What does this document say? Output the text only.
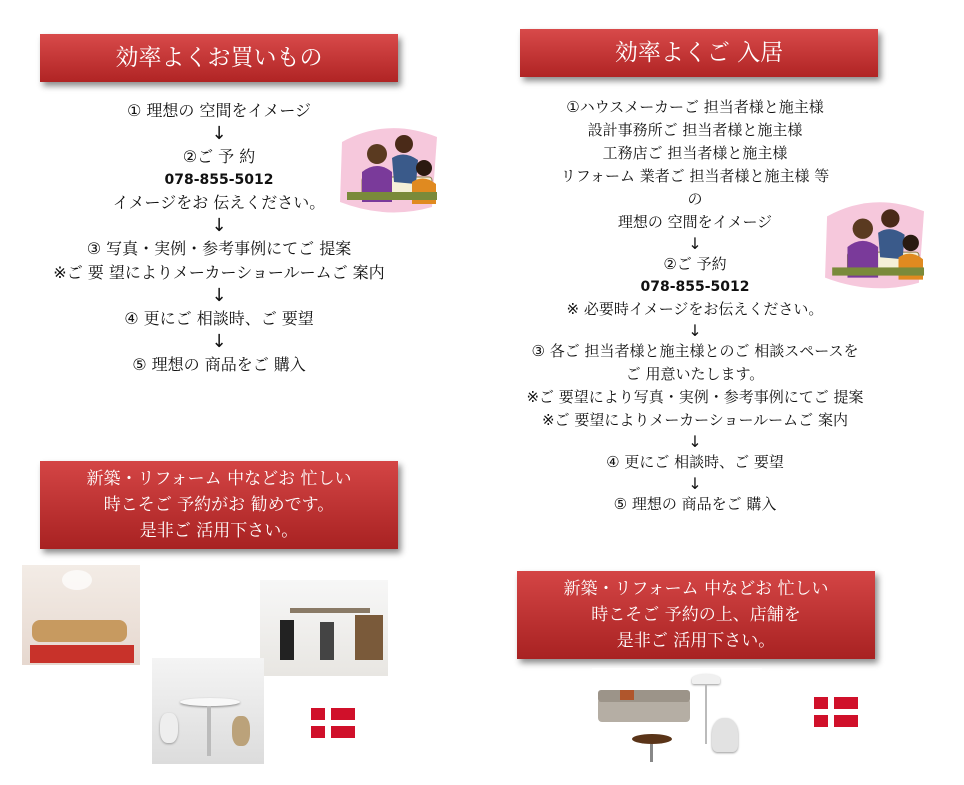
効率よくお買いもの
① 理想の 空間をイメージ
↓
②ご 予 約
078-855-5012
イメージをお 伝えください。
↓
③ 写真・実例・参考事例にてご 提案
※ご 要 望によりメーカーショールームご 案内
↓
④ 更にご 相談時、ご 要望
↓
⑤ 理想の 商品をご 購入
新築・リフォーム 中などお 忙しい
時こそご 予約がお 勧めです。
是非ご 活用下さい。
効率よくご 入居
①ハウスメーカーご 担当者様と施主様
設計事務所ご 担当者様と施主様
工務店ご 担当者様と施主様
リフォーム 業者ご 担当者様と施主様 等
の
理想の 空間をイメージ
↓
②ご 予約
078-855-5012
※ 必要時イメージをお伝えください。
↓
③ 各ご 担当者様と施主様とのご 相談スペースを
ご 用意いたします。
※ご 要望により写真・実例・参考事例にてご 提案
※ご 要望によりメーカーショールームご 案内
↓
④ 更にご 相談時、ご 要望
↓
⑤ 理想の 商品をご 購入
新築・リフォーム 中などお 忙しい
時こそご 予約の上、店舗を
是非ご 活用下さい。
